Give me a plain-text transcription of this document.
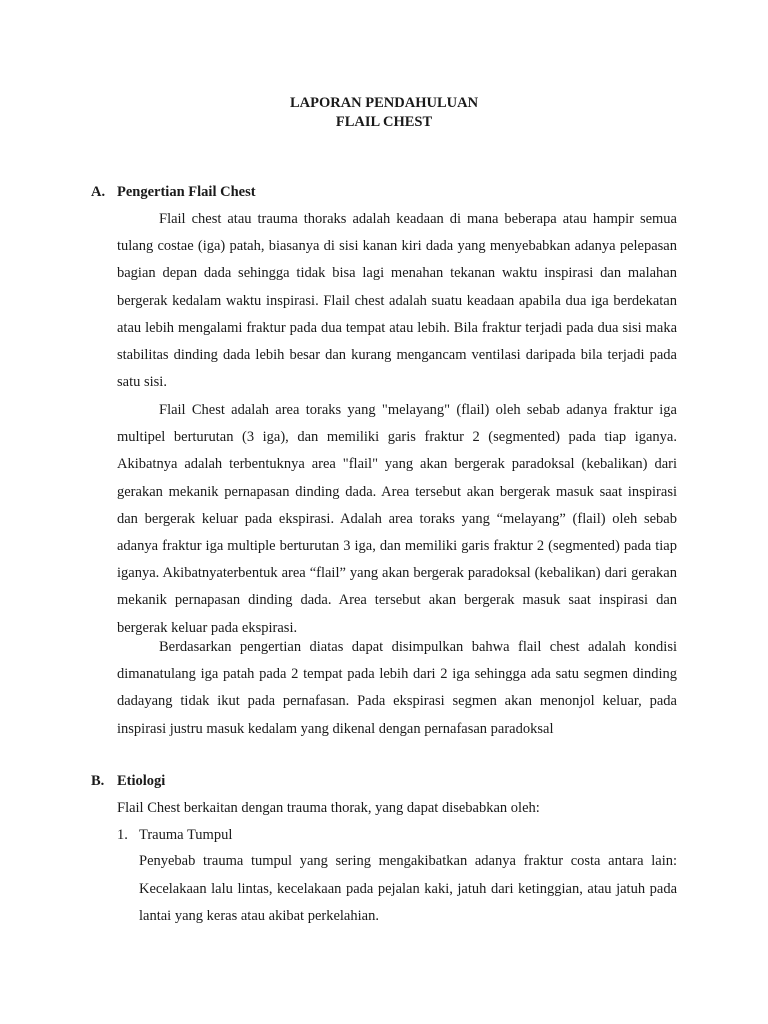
LAPORAN PENDAHULUAN
FLAIL CHEST
A. Pengertian Flail Chest

Flail chest atau trauma thoraks adalah keadaan di mana beberapa atau hampir semua tulang costae (iga) patah, biasanya di sisi kanan kiri dada yang menyebabkan adanya pelepasan bagian depan dada sehingga tidak bisa lagi menahan tekanan waktu inspirasi dan malahan bergerak kedalam waktu inspirasi. Flail chest adalah suatu keadaan apabila dua iga berdekatan atau lebih mengalami fraktur pada dua tempat atau lebih. Bila fraktur terjadi pada dua sisi maka stabilitas dinding dada lebih besar dan kurang mengancam ventilasi daripada bila terjadi pada satu sisi.

Flail Chest adalah area toraks yang "melayang" (flail) oleh sebab adanya fraktur iga multipel berturutan (3 iga), dan memiliki garis fraktur 2 (segmented) pada tiap iganya. Akibatnya adalah terbentuknya area "flail" yang akan bergerak paradoksal (kebalikan) dari gerakan mekanik pernapasan dinding dada. Area tersebut akan bergerak masuk saat inspirasi dan bergerak keluar pada ekspirasi. Adalah area toraks yang “melayang” (flail) oleh sebab adanya fraktur iga multiple berturutan 3 iga, dan memiliki garis fraktur 2 (segmented) pada tiap iganya. Akibatnyaterbentuk area “flail” yang akan bergerak paradoksal (kebalikan) dari gerakan mekanik pernapasan dinding dada. Area tersebut akan bergerak masuk saat inspirasi dan bergerak keluar pada ekspirasi.

Berdasarkan pengertian diatas dapat disimpulkan bahwa flail chest adalah kondisi dimanatulang iga patah pada 2 tempat pada lebih dari 2 iga sehingga ada satu segmen dinding dadayang tidak ikut pada pernafasan. Pada ekspirasi segmen akan menonjol keluar, pada inspirasi justru masuk kedalam yang dikenal dengan pernafasan paradoksal

B. Etiologi

Flail Chest berkaitan dengan trauma thorak, yang dapat disebabkan oleh:

1. Trauma Tumpul

Penyebab trauma tumpul yang sering mengakibatkan adanya fraktur costa antara lain: Kecelakaan lalu lintas, kecelakaan pada pejalan kaki, jatuh dari ketinggian, atau jatuh pada lantai yang keras atau akibat perkelahian.
